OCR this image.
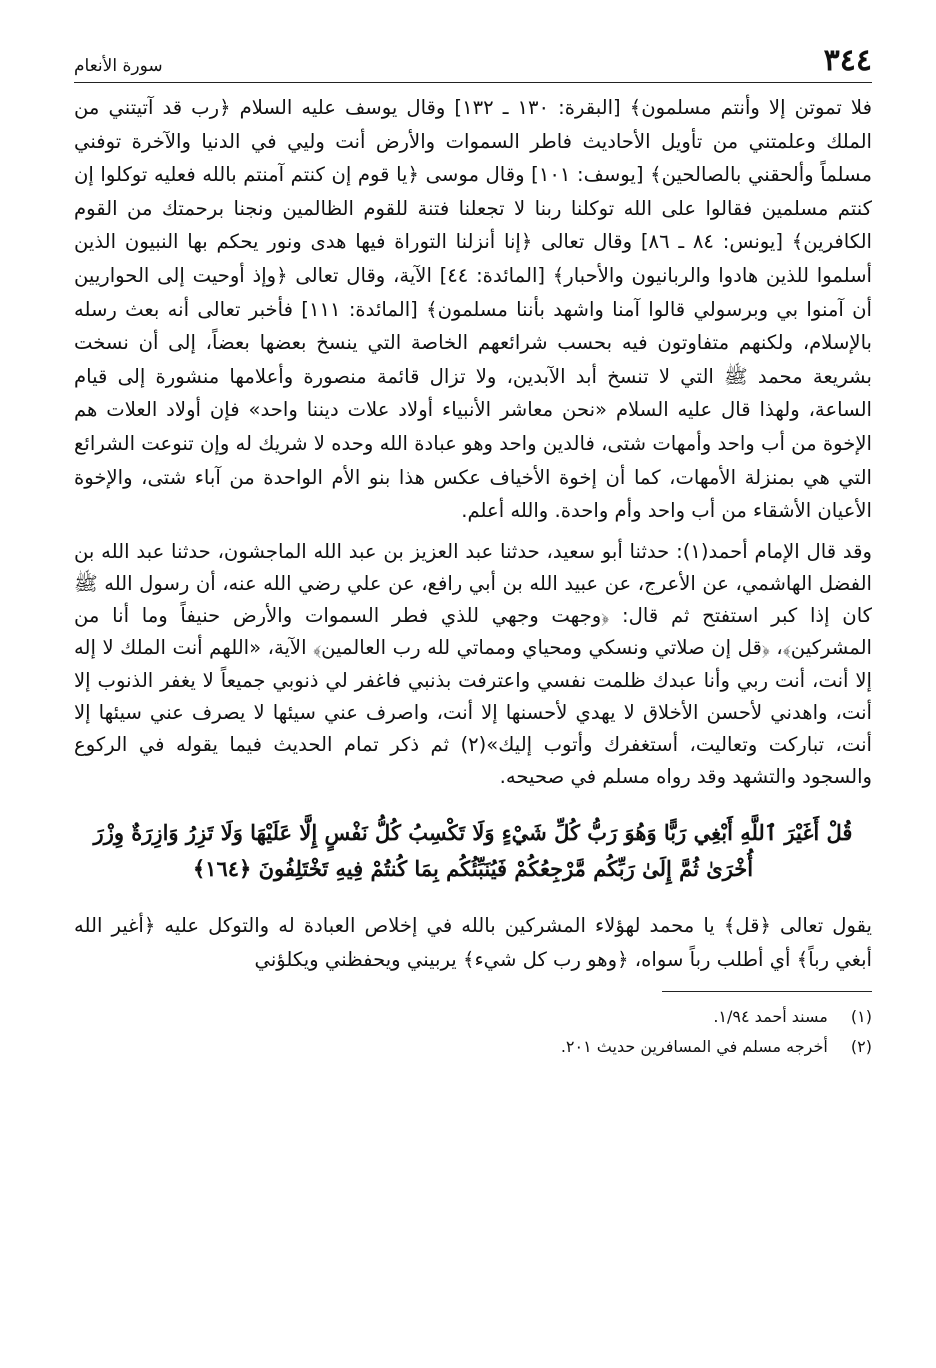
٣٤٤
سورة الأنعام

فلا تموتن إلا وأنتم مسلمون﴾ [البقرة: ١٣٠ ـ ١٣٢] وقال يوسف عليه السلام ﴿رب قد آتيتني من الملك وعلمتني من تأويل الأحاديث فاطر السموات والأرض أنت وليي في الدنيا والآخرة توفني مسلماً وألحقني بالصالحين﴾ [يوسف: ١٠١] وقال موسى ﴿يا قوم إن كنتم آمنتم بالله فعليه توكلوا إن كنتم مسلمين فقالوا على الله توكلنا ربنا لا تجعلنا فتنة للقوم الظالمين ونجنا برحمتك من القوم الكافرين﴾ [يونس: ٨٤ ـ ٨٦] وقال تعالى ﴿إنا أنزلنا التوراة فيها هدى ونور يحكم بها النبيون الذين أسلموا للذين هادوا والربانيون والأحبار﴾ [المائدة: ٤٤] الآية، وقال تعالى ﴿وإذ أوحيت إلى الحواريين أن آمنوا بي وبرسولي قالوا آمنا واشهد بأننا مسلمون﴾ [المائدة: ١١١] فأخبر تعالى أنه بعث رسله بالإسلام، ولكنهم متفاوتون فيه بحسب شرائعهم الخاصة التي ينسخ بعضها بعضاً، إلى أن نسخت بشريعة محمد ﷺ التي لا تنسخ أبد الآبدين، ولا تزال قائمة منصورة وأعلامها منشورة إلى قيام الساعة، ولهذا قال عليه السلام «نحن معاشر الأنبياء أولاد علات ديننا واحد» فإن أولاد العلات هم الإخوة من أب واحد وأمهات شتى، فالدين واحد وهو عبادة الله وحده لا شريك له وإن تنوعت الشرائع التي هي بمنزلة الأمهات، كما أن إخوة الأخياف عكس هذا بنو الأم الواحدة من آباء شتى، والإخوة الأعيان الأشقاء من أب واحد وأم واحدة. والله أعلم.

وقد قال الإمام أحمد(١): حدثنا أبو سعيد، حدثنا عبد العزيز بن عبد الله الماجشون، حدثنا عبد الله بن الفضل الهاشمي، عن الأعرج، عن عبيد الله بن أبي رافع، عن علي رضي الله عنه، أن رسول الله ﷺ كان إذا كبر استفتح ثم قال: ﴿وجهت وجهي للذي فطر السموات والأرض حنيفاً وما أنا من المشركين﴾، ﴿قل إن صلاتي ونسكي ومحياي ومماتي لله رب العالمين﴾ الآية، «اللهم أنت الملك لا إله إلا أنت، أنت ربي وأنا عبدك ظلمت نفسي واعترفت بذنبي فاغفر لي ذنوبي جميعاً لا يغفر الذنوب إلا أنت، واهدني لأحسن الأخلاق لا يهدي لأحسنها إلا أنت، واصرف عني سيئها لا يصرف عني سيئها إلا أنت، تباركت وتعاليت، أستغفرك وأتوب إليك»(٢) ثم ذكر تمام الحديث فيما يقوله في الركوع والسجود والتشهد وقد رواه مسلم في صحيحه.

قُلْ أَغَيْرَ ٱللَّهِ أَبْغِي رَبًّا وَهُوَ رَبُّ كُلِّ شَيْءٍ وَلَا تَكْسِبُ كُلُّ نَفْسٍ إِلَّا عَلَيْهَا وَلَا تَزِرُ وَازِرَةٌ وِزْرَ أُخْرَىٰ ثُمَّ إِلَىٰ رَبِّكُم مَّرْجِعُكُمْ فَيُنَبِّئُكُم بِمَا كُنتُمْ فِيهِ تَخْتَلِفُونَ ﴿١٦٤﴾

يقول تعالى ﴿قل﴾ يا محمد لهؤلاء المشركين بالله في إخلاص العبادة له والتوكل عليه ﴿أغير الله أبغي رباً﴾ أي أطلب رباً سواه، ﴿وهو رب كل شيء﴾ يربيني ويحفظني ويكلؤني

(١) مسند أحمد ١/٩٤.

(٢) أخرجه مسلم في المسافرين حديث ٢٠١.
